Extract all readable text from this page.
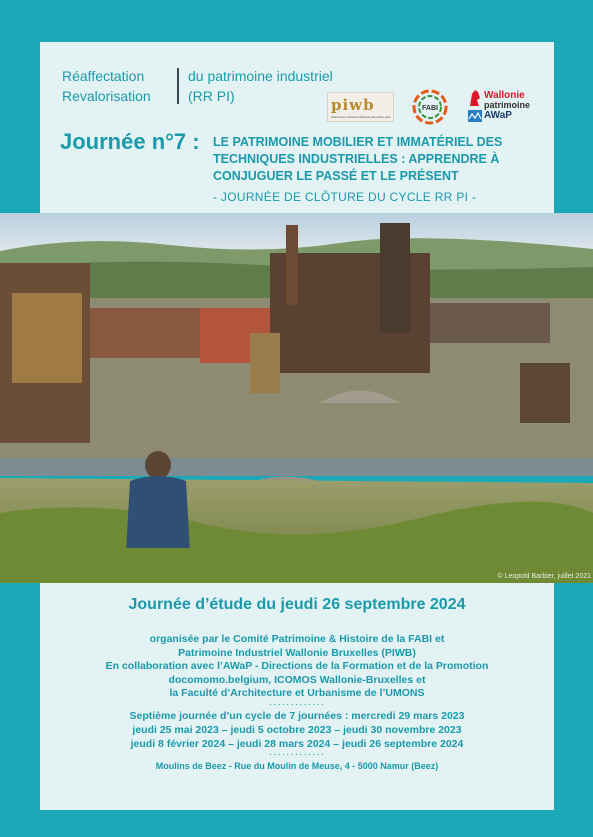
Réaffectation
Revalorisation
du patrimoine industriel
(RR PI)	piwb
Patrimoine Industriel Wallonie-Bruxelles asbl
FABI
Wallonie
patrimoine
AWaP
Journée n°7 : LE PATRIMOINE MOBILIER ET IMMATÉRIEL DES
TECHNIQUES INDUSTRIELLES : APPRENDRE À
CONJUGUER LE PASSÉ ET LE PRÉSENT
- JOURNÉE DE CLÔTURE DU CYCLE RR PI -
© Leopold Barbier, juillet 2021
Journée d’étude du jeudi 26 septembre 2024
organisée par le Comité Patrimoine & Histoire de la FABI et
Patrimoine Industriel Wallonie Bruxelles (PIWB)
En collaboration avec l’AWaP - Directions de la Formation et de la Promotion
docomomo.belgium, ICOMOS Wallonie-Bruxelles et
la Faculté d’Architecture et Urbanisme de l’UMONS
·············
Septième journée d’un cycle de 7 journées : mercredi 29 mars 2023
jeudi 25 mai 2023 – jeudi 5 octobre 2023 – jeudi 30 novembre 2023
jeudi 8 février 2024 – jeudi 28 mars 2024 – jeudi 26 septembre 2024
·············
Moulins de Beez - Rue du Moulin de Meuse, 4 - 5000 Namur (Beez)
